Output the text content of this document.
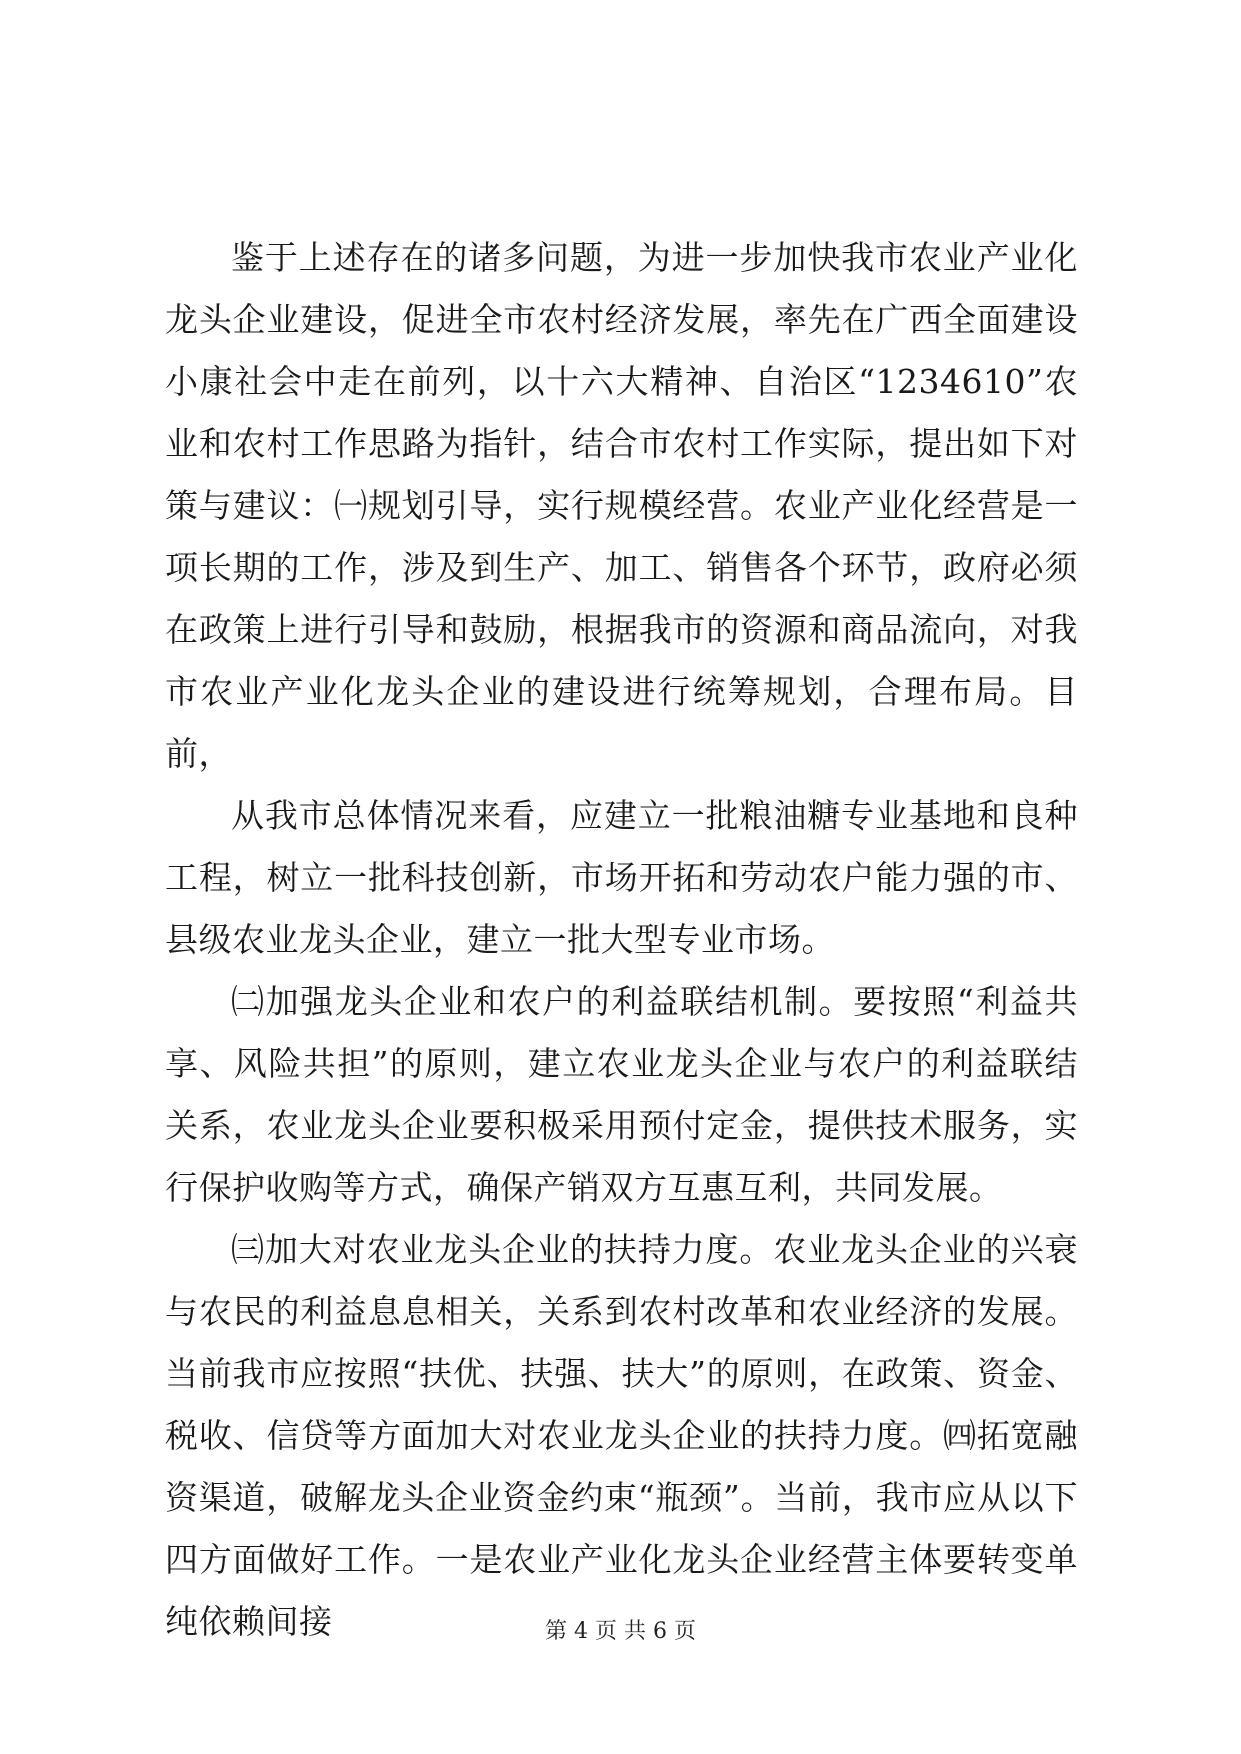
鉴于上述存在的诸多问题，为进一步加快我市农业产业化龙头企业建设，促进全市农村经济发展，率先在广西全面建设小康社会中走在前列，以十六大精神、自治区“1234610”农业和农村工作思路为指针，结合市农村工作实际，提出如下对策与建议：㈠规划引导，实行规模经营。农业产业化经营是一项长期的工作，涉及到生产、加工、销售各个环节，政府必须在政策上进行引导和鼓励，根据我市的资源和商品流向，对我市农业产业化龙头企业的建设进行统筹规划，合理布局。目前，

从我市总体情况来看，应建立一批粮油糖专业基地和良种工程，树立一批科技创新，市场开拓和劳动农户能力强的市、县级农业龙头企业，建立一批大型专业市场。

㈡加强龙头企业和农户的利益联结机制。要按照“利益共享、风险共担”的原则，建立农业龙头企业与农户的利益联结关系，农业龙头企业要积极采用预付定金，提供技术服务，实行保护收购等方式，确保产销双方互惠互利，共同发展。

㈢加大对农业龙头企业的扶持力度。农业龙头企业的兴衰与农民的利益息息相关，关系到农村改革和农业经济的发展。当前我市应按照“扶优、扶强、扶大”的原则，在政策、资金、税收、信贷等方面加大对农业龙头企业的扶持力度。㈣拓宽融资渠道，破解龙头企业资金约束“瓶颈”。当前，我市应从以下四方面做好工作。一是农业产业化龙头企业经营主体要转变单纯依赖间接	第 4 页 共 6 页
